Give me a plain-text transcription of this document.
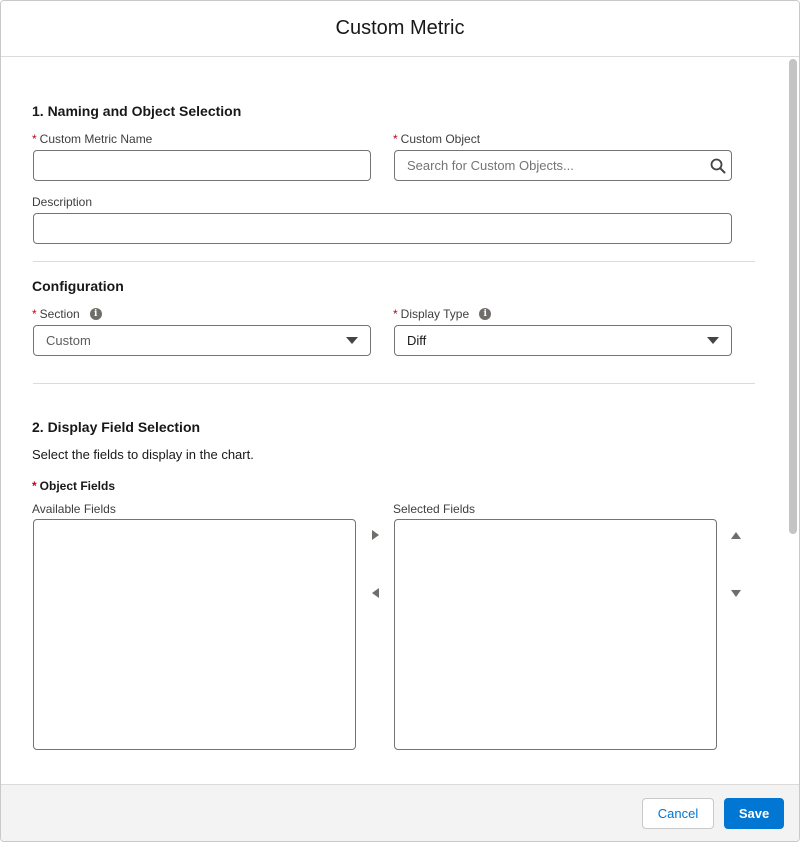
Custom Metric
1. Naming and Object Selection
* Custom Metric Name	* Custom Object
Search for Custom Objects...
Description
Configuration
* Section	i
Custom
* Display Type	i
Diff
2. Display Field Selection
Select the fields to display in the chart.
* Object Fields
Available Fields	Selected Fields
Cancel	Save
